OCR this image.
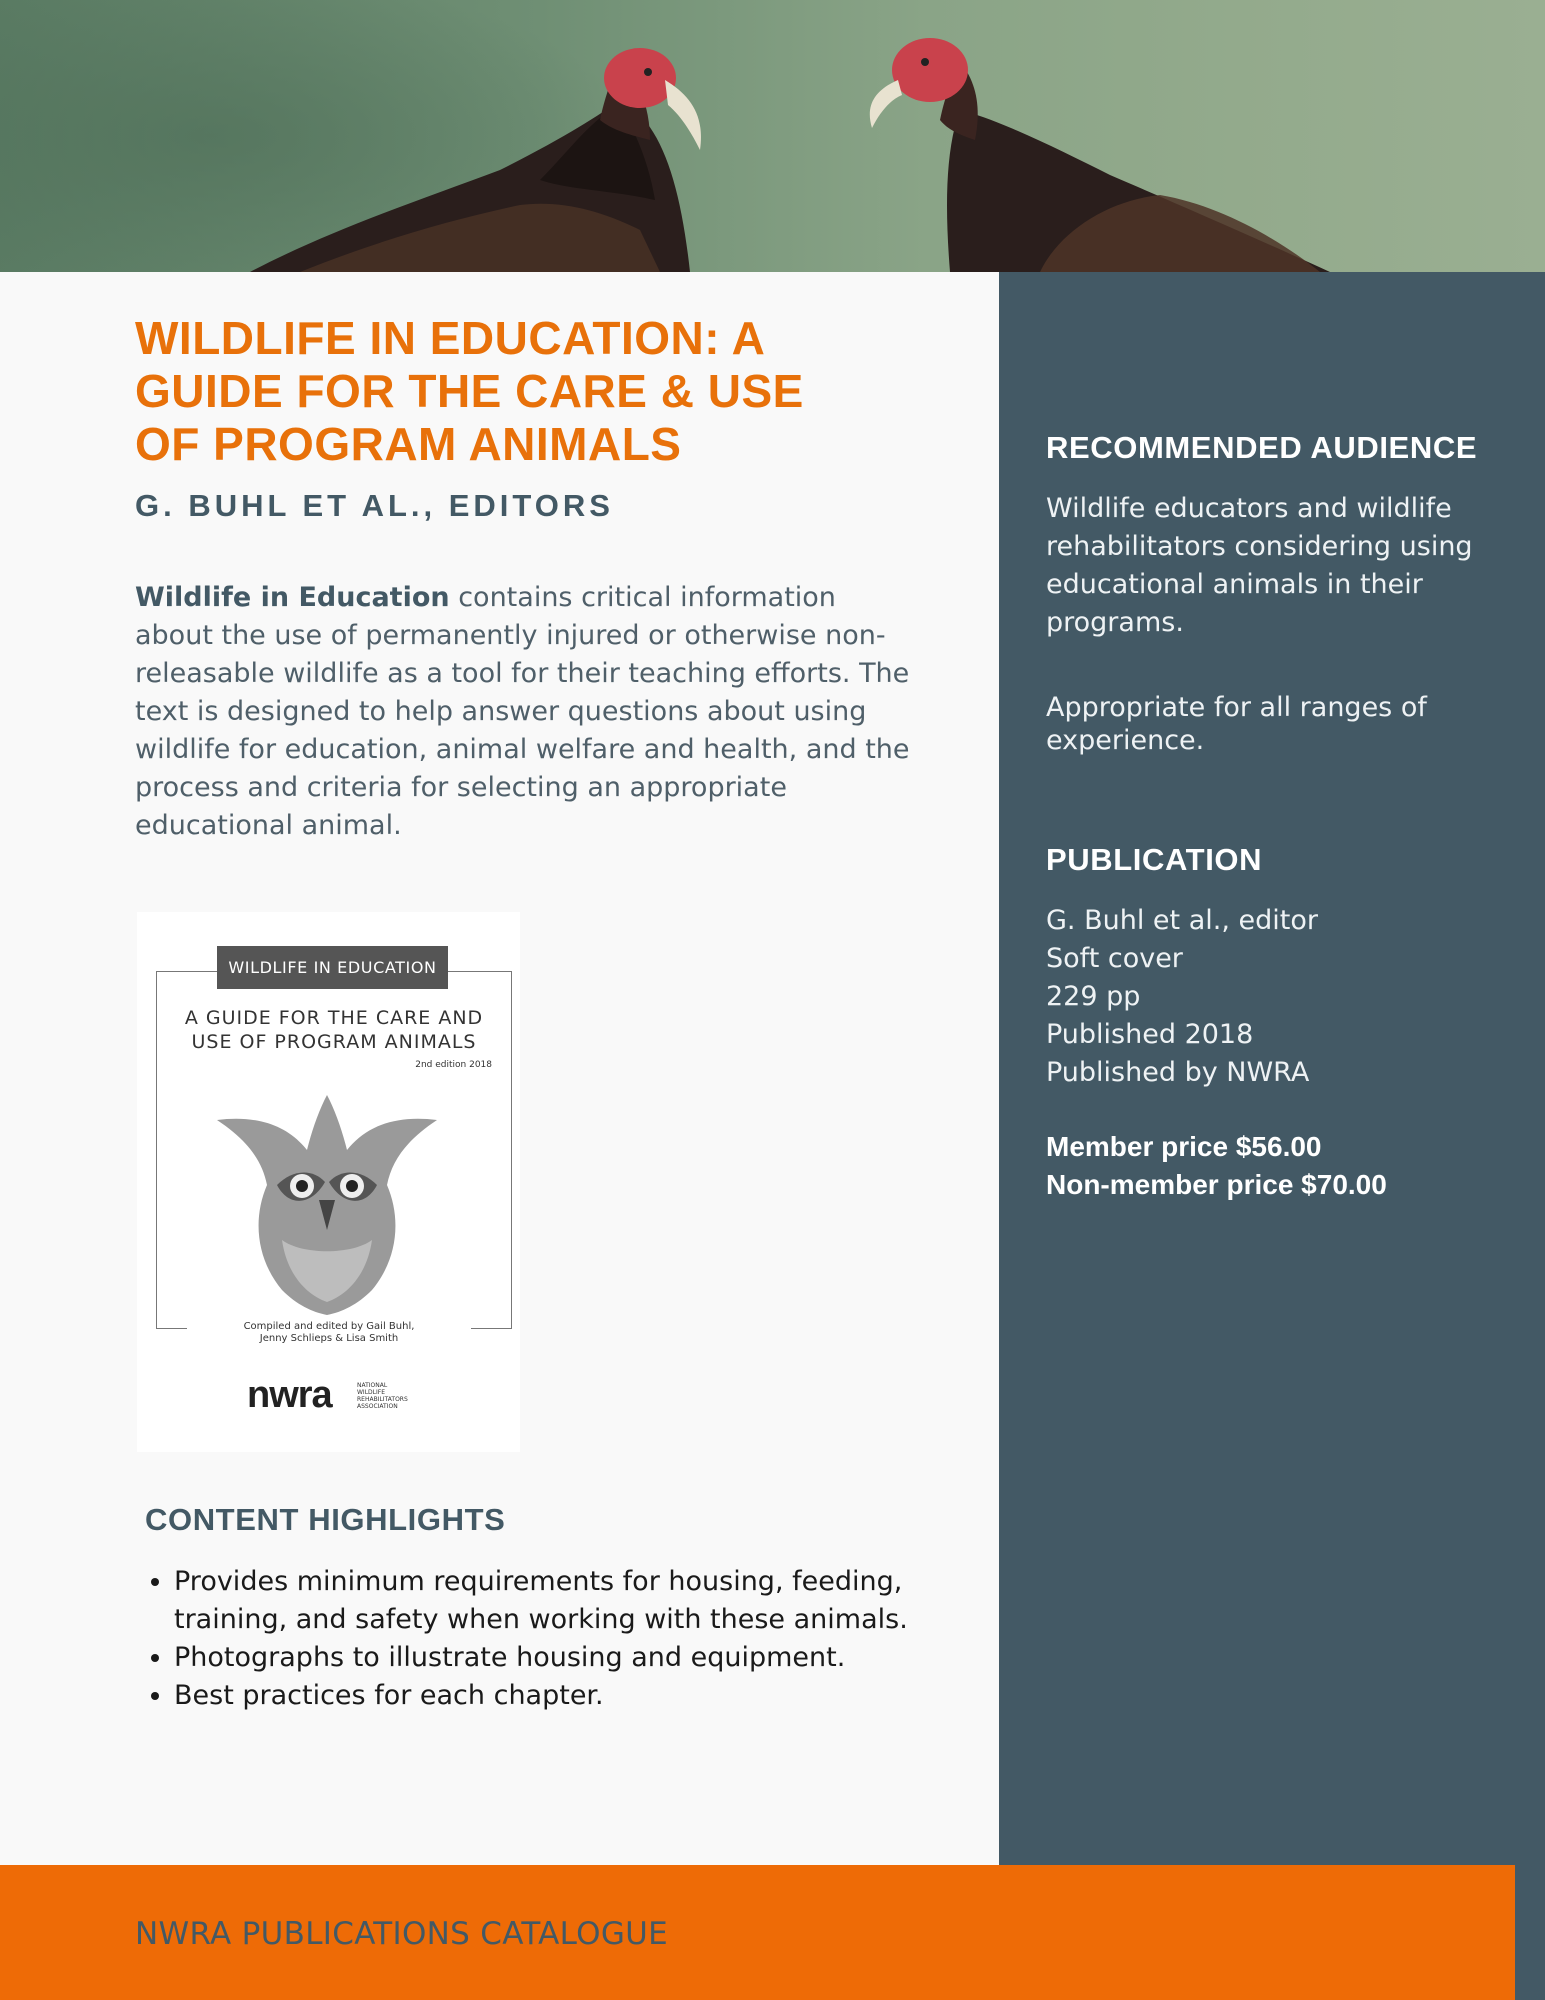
RECOMMENDED AUDIENCE

Wildlife educators and wildlife rehabilitators considering using educational animals in their programs.

Appropriate for all ranges of experience.

PUBLICATION
G. Buhl et al., editor
Soft cover
229 pp
Published 2018
Published by NWRA
Member price $56.00
Non-member price $70.00
WILDLIFE IN EDUCATION: A GUIDE FOR THE CARE & USE OF PROGRAM ANIMALS
G. BUHL ET AL., EDITORS

Wildlife in Education contains critical information about the use of permanently injured or otherwise non-releasable wildlife as a tool for their teaching efforts. The text is designed to help answer questions about using wildlife for education, animal welfare and health, and the process and criteria for selecting an appropriate educational animal.

WILDLIFE IN EDUCATION
A GUIDE FOR THE CARE AND
USE OF PROGRAM ANIMALS
2nd edition 2018
Compiled and edited by Gail Buhl,
Jenny Schlieps & Lisa Smith
nwra	NATIONAL
WILDLIFE
REHABILITATORS
ASSOCIATION
CONTENT HIGHLIGHTS
• Provides minimum requirements for housing, feeding, training, and safety when working with these animals.
• Photographs to illustrate housing and equipment.
• Best practices for each chapter.
NWRA PUBLICATIONS CATALOGUE
